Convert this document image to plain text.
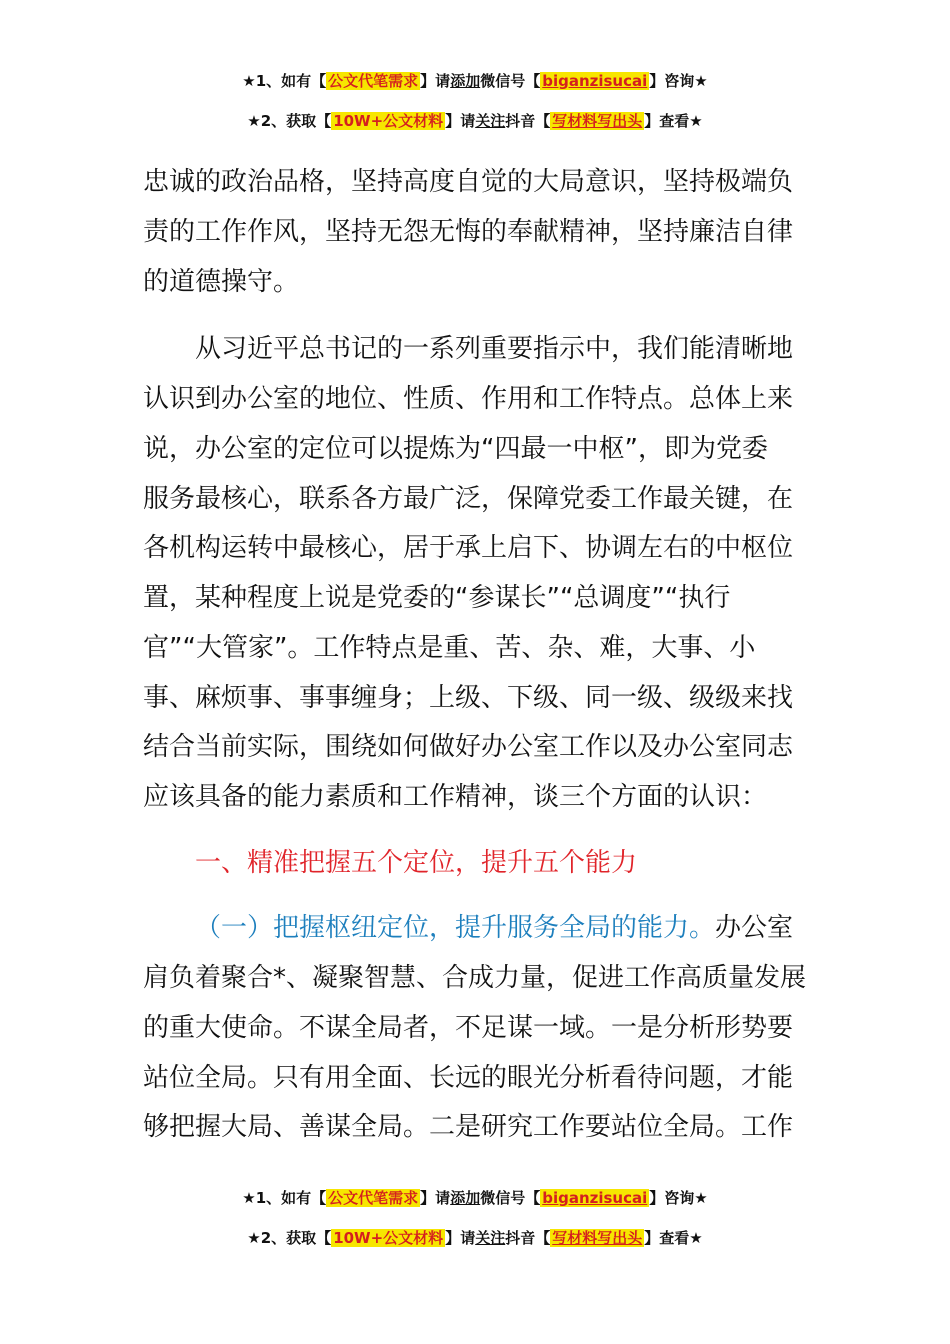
★1、如有【 公文代笔需求 】请添加微信号【 biganzisucai 】咨询★
★2、获取【 10W+公文材料 】请关注抖音【 写材料写出头 】查看★
忠诚的政治品格，坚持高度自觉的大局意识，坚持极端负
责的工作作风，坚持无怨无悔的奉献精神，坚持廉洁自律
的道德操守。
从习近平总书记的一系列重要指示中，我们能清晰地
认识到办公室的地位、性质、作用和工作特点。总体上来
说，办公室的定位可以提炼为“四最一中枢”，即为党委
服务最核心，联系各方最广泛，保障党委工作最关键，在
各机构运转中最核心，居于承上启下、协调左右的中枢位
置，某种程度上说是党委的“参谋长”“总调度”“执行
官”“大管家”。工作特点是重、苦、杂、难，大事、小
事、麻烦事、事事缠身；上级、下级、同一级、级级来找
结合当前实际，围绕如何做好办公室工作以及办公室同志
应该具备的能力素质和工作精神，谈三个方面的认识：
一、精准把握五个定位，提升五个能力
（一）把握枢纽定位，提升服务全局的能力。办公室
肩负着聚合*、凝聚智慧、合成力量，促进工作高质量发展
的重大使命。不谋全局者，不足谋一域。一是分析形势要
站位全局。只有用全面、长远的眼光分析看待问题，才能
够把握大局、善谋全局。二是研究工作要站位全局。工作
★1、如有【 公文代笔需求 】请添加微信号【 biganzisucai 】咨询★
★2、获取【 10W+公文材料 】请关注抖音【 写材料写出头 】查看★
